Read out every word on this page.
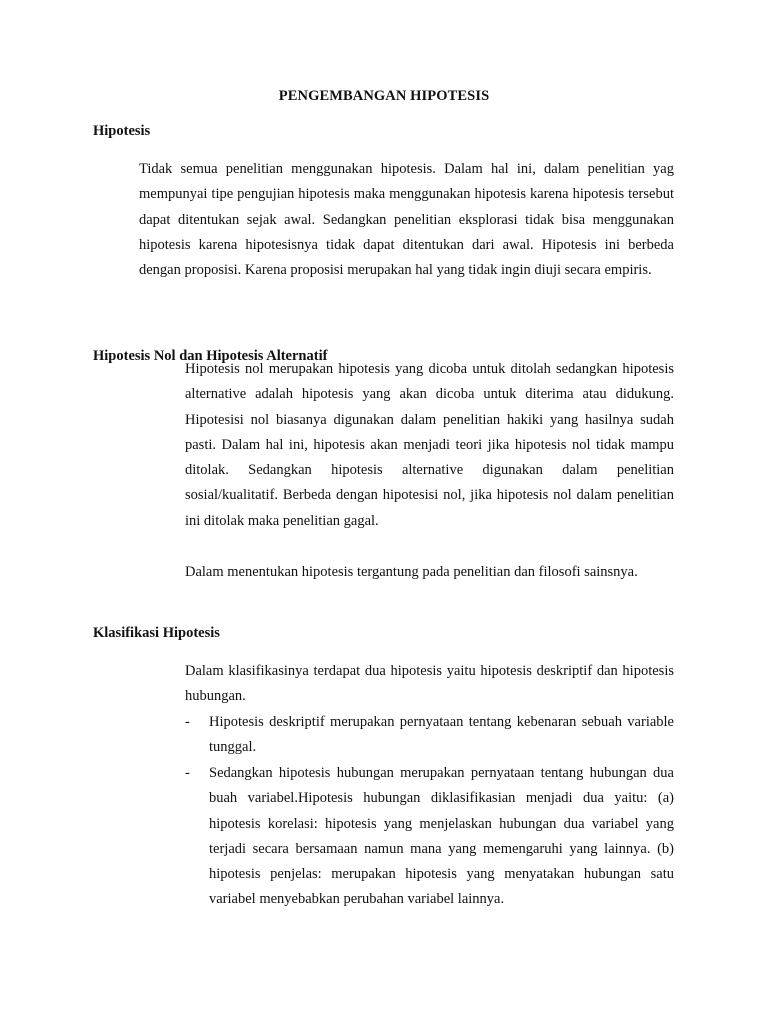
PENGEMBANGAN HIPOTESIS
Hipotesis

Tidak semua penelitian menggunakan hipotesis. Dalam hal ini, dalam penelitian yag mempunyai tipe pengujian hipotesis maka menggunakan hipotesis karena hipotesis tersebut dapat ditentukan sejak awal. Sedangkan penelitian eksplorasi tidak bisa menggunakan hipotesis karena hipotesisnya tidak dapat ditentukan dari awal. Hipotesis ini berbeda dengan proposisi. Karena proposisi merupakan hal yang tidak ingin diuji secara empiris.

Hipotesis Nol dan Hipotesis Alternatif

Hipotesis nol merupakan hipotesis yang dicoba untuk ditolah sedangkan hipotesis alternative adalah hipotesis yang akan dicoba untuk diterima atau didukung. Hipotesisi nol biasanya digunakan dalam penelitian hakiki yang hasilnya sudah pasti. Dalam hal ini, hipotesis akan menjadi teori jika hipotesis nol tidak mampu ditolak. Sedangkan hipotesis alternative digunakan dalam penelitian sosial/kualitatif. Berbeda dengan hipotesisi nol, jika hipotesis nol dalam penelitian ini ditolak maka penelitian gagal.

Dalam menentukan hipotesis tergantung pada penelitian dan filosofi sainsnya.

Klasifikasi Hipotesis

Dalam klasifikasinya terdapat dua hipotesis yaitu hipotesis deskriptif dan hipotesis hubungan.

- Hipotesis deskriptif merupakan pernyataan tentang kebenaran sebuah variable tunggal.
- Sedangkan hipotesis hubungan merupakan pernyataan tentang hubungan dua buah variabel.Hipotesis hubungan diklasifikasian menjadi dua yaitu: (a) hipotesis korelasi: hipotesis yang menjelaskan hubungan dua variabel yang terjadi secara bersamaan namun mana yang memengaruhi yang lainnya. (b) hipotesis penjelas: merupakan hipotesis yang menyatakan hubungan satu variabel menyebabkan perubahan variabel lainnya.
